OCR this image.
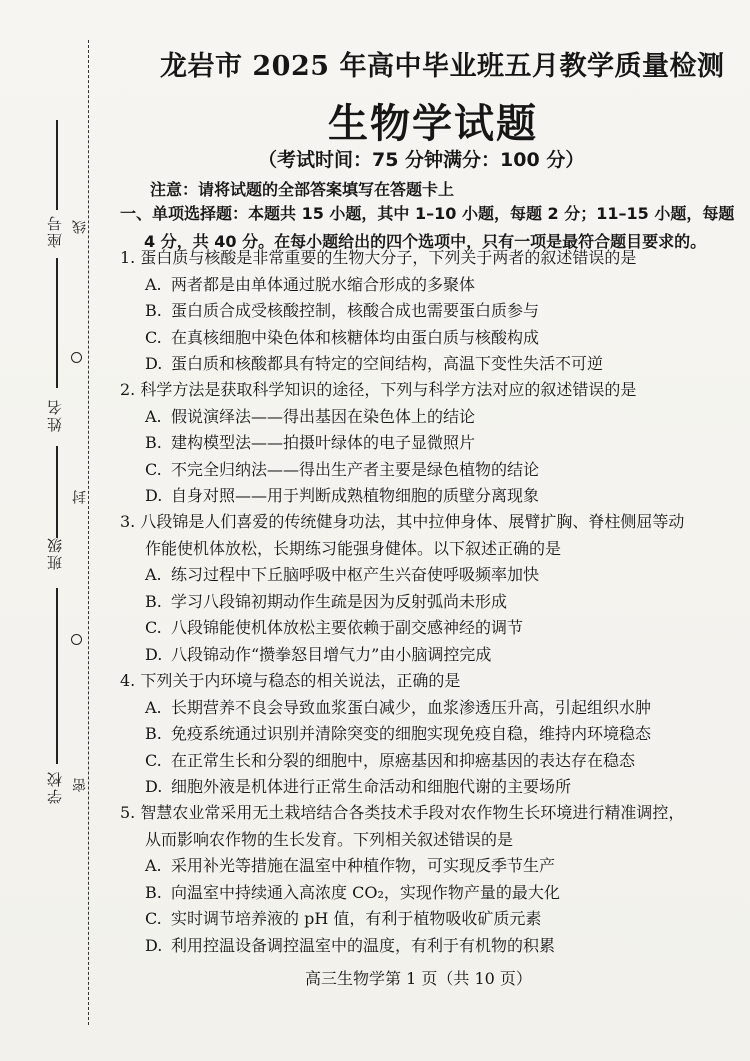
座号 线
姓名
封
班级
学校 密
龙岩市 2025 年高中毕业班五月教学质量检测
生物学试题
（考试时间：75 分钟满分：100 分）
注意：请将试题的全部答案填写在答题卡上
一、单项选择题：本题共 15 小题，其中 1–10 小题，每题 2 分；11–15 小题，每题
4 分，共 40 分。在每小题给出的四个选项中，只有一项是最符合题目要求的。
1. 蛋白质与核酸是非常重要的生物大分子，下列关于两者的叙述错误的是
A. 两者都是由单体通过脱水缩合形成的多聚体
B. 蛋白质合成受核酸控制，核酸合成也需要蛋白质参与
C. 在真核细胞中染色体和核糖体均由蛋白质与核酸构成
D. 蛋白质和核酸都具有特定的空间结构，高温下变性失活不可逆
2. 科学方法是获取科学知识的途径，下列与科学方法对应的叙述错误的是
A. 假说演绎法——得出基因在染色体上的结论
B. 建构模型法——拍摄叶绿体的电子显微照片
C. 不完全归纳法——得出生产者主要是绿色植物的结论
D. 自身对照——用于判断成熟植物细胞的质壁分离现象
3. 八段锦是人们喜爱的传统健身功法，其中拉伸身体、展臂扩胸、脊柱侧屈等动
作能使机体放松，长期练习能强身健体。以下叙述正确的是
A. 练习过程中下丘脑呼吸中枢产生兴奋使呼吸频率加快
B. 学习八段锦初期动作生疏是因为反射弧尚未形成
C. 八段锦能使机体放松主要依赖于副交感神经的调节
D. 八段锦动作“攒拳怒目增气力”由小脑调控完成
4. 下列关于内环境与稳态的相关说法，正确的是
A. 长期营养不良会导致血浆蛋白减少，血浆渗透压升高，引起组织水肿
B. 免疫系统通过识别并清除突变的细胞实现免疫自稳，维持内环境稳态
C. 在正常生长和分裂的细胞中，原癌基因和抑癌基因的表达存在稳态
D. 细胞外液是机体进行正常生命活动和细胞代谢的主要场所
5. 智慧农业常采用无土栽培结合各类技术手段对农作物生长环境进行精准调控，
从而影响农作物的生长发育。下列相关叙述错误的是
A. 采用补光等措施在温室中种植作物，可实现反季节生产
B. 向温室中持续通入高浓度 CO₂，实现作物产量的最大化
C. 实时调节培养液的 pH 值，有利于植物吸收矿质元素
D. 利用控温设备调控温室中的温度，有利于有机物的积累
高三生物学第 1 页（共 10 页）
